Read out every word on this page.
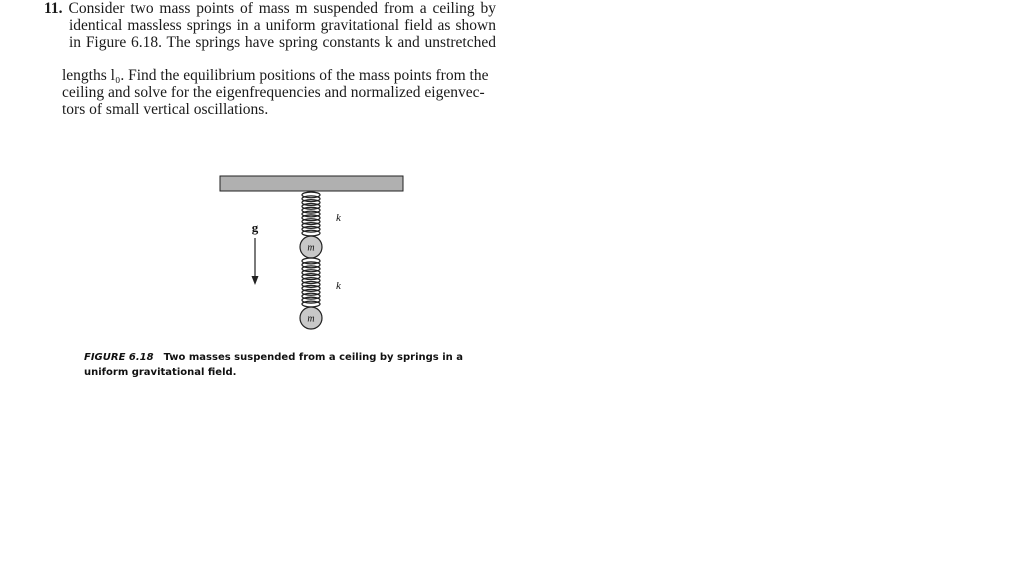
11. Consider two mass points of mass m suspended from a ceiling by
identical massless springs in a uniform gravitational field as shown
in Figure 6.18. The springs have spring constants k and unstretched
lengths l₀. Find the equilibrium positions of the mass points from the
ceiling and solve for the eigenfrequencies and normalized eigenvec-
tors of small vertical oscillations.
m
m
k
k
g
FIGURE 6.18 Two masses suspended from a ceiling by springs in a uniform gravitational field.
